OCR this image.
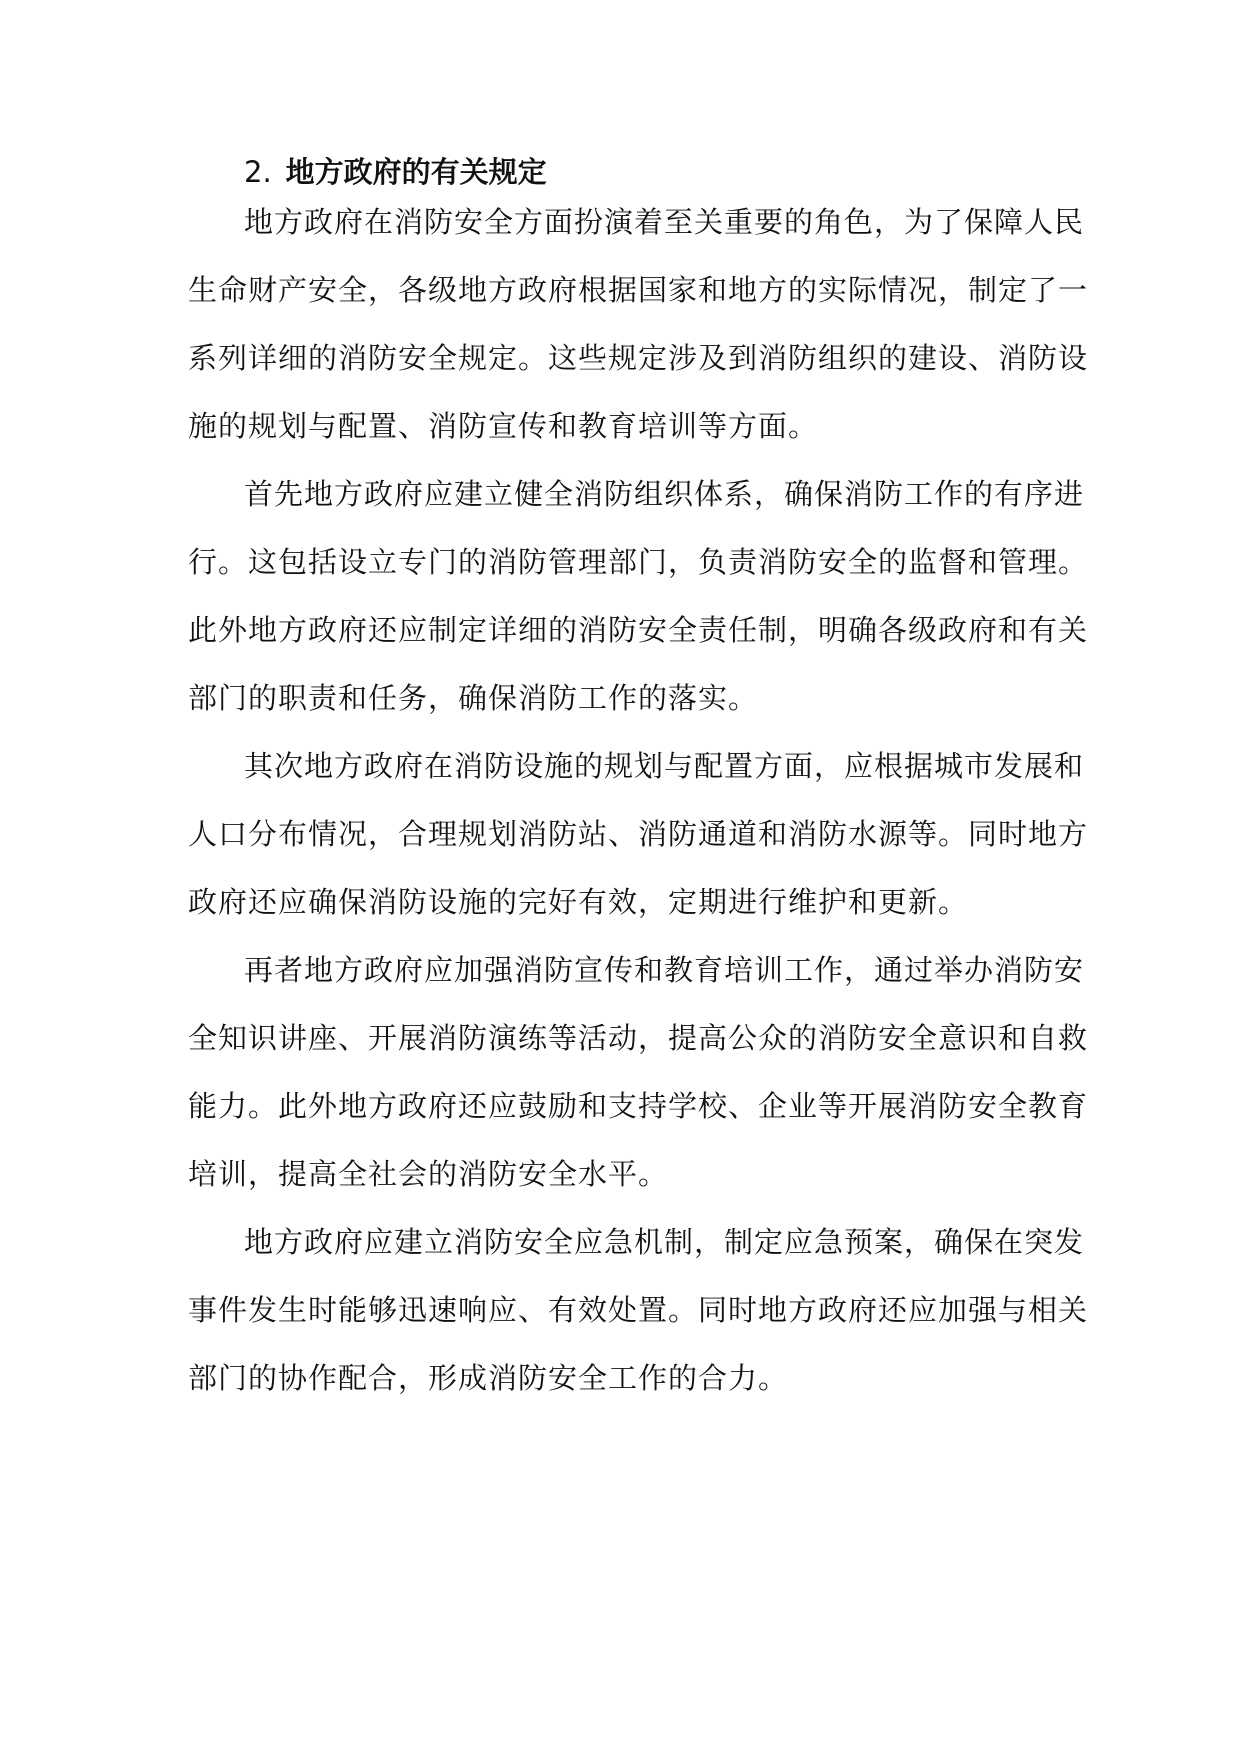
2. 地方政府的有关规定

地方政府在消防安全方面扮演着至关重要的角色，为了保障人民

生命财产安全，各级地方政府根据国家和地方的实际情况，制定了一

系列详细的消防安全规定。这些规定涉及到消防组织的建设、消防设

施的规划与配置、消防宣传和教育培训等方面。

首先地方政府应建立健全消防组织体系，确保消防工作的有序进

行。这包括设立专门的消防管理部门，负责消防安全的监督和管理。

此外地方政府还应制定详细的消防安全责任制，明确各级政府和有关

部门的职责和任务，确保消防工作的落实。

其次地方政府在消防设施的规划与配置方面，应根据城市发展和

人口分布情况，合理规划消防站、消防通道和消防水源等。同时地方

政府还应确保消防设施的完好有效，定期进行维护和更新。

再者地方政府应加强消防宣传和教育培训工作，通过举办消防安

全知识讲座、开展消防演练等活动，提高公众的消防安全意识和自救

能力。此外地方政府还应鼓励和支持学校、企业等开展消防安全教育

培训，提高全社会的消防安全水平。

地方政府应建立消防安全应急机制，制定应急预案，确保在突发

事件发生时能够迅速响应、有效处置。同时地方政府还应加强与相关

部门的协作配合，形成消防安全工作的合力。
